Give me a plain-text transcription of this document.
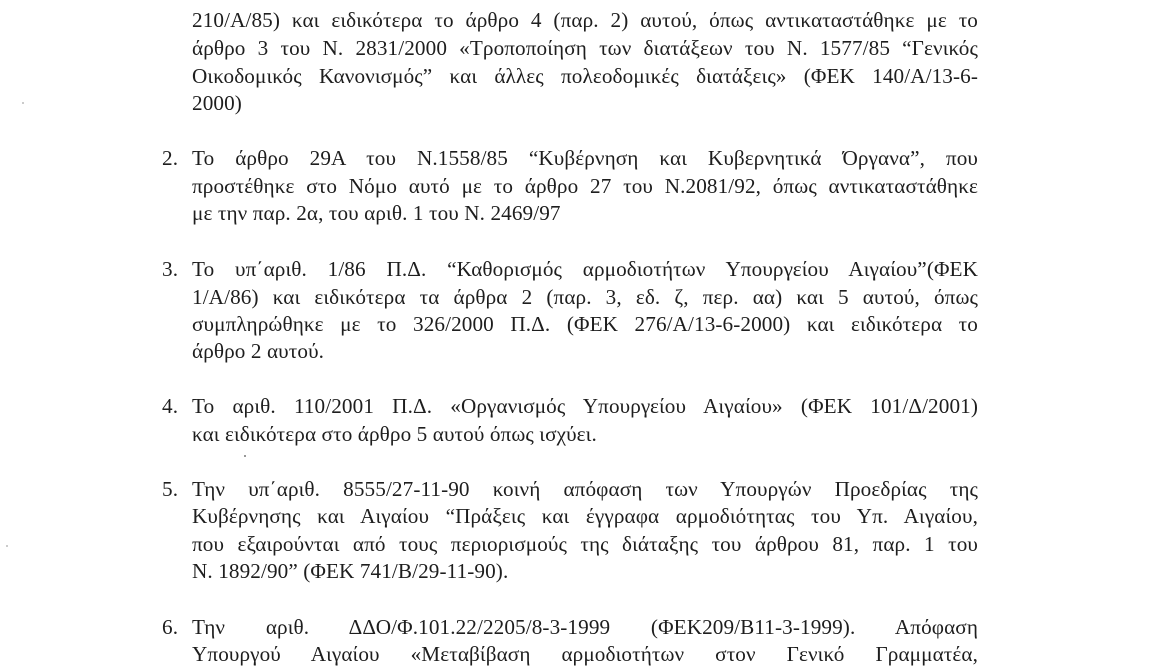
210/Α/85) και ειδικότερα το άρθρο 4 (παρ. 2) αυτού, όπως αντικαταστάθηκε με το
άρθρο 3 του Ν. 2831/2000 «Τροποποίηση των διατάξεων του Ν. 1577/85 “Γενικός
Οικοδομικός Κανονισμός” και άλλες πολεοδομικές διατάξεις» (ΦΕΚ 140/Α/13-6-
2000)
2. Το άρθρο 29Α του Ν.1558/85 “Κυβέρνηση και Κυβερνητικά Όργανα”, που
προστέθηκε στο Νόμο αυτό με το άρθρο 27 του Ν.2081/92, όπως αντικαταστάθηκε
με την παρ. 2α, του αριθ. 1 του Ν. 2469/97
3. Το υπ΄αριθ. 1/86 Π.Δ. “Καθορισμός αρμοδιοτήτων Υπουργείου Αιγαίου”(ΦΕΚ
1/Α/86) και ειδικότερα τα άρθρα 2 (παρ. 3, εδ. ζ, περ. αα) και 5 αυτού, όπως
συμπληρώθηκε με το 326/2000 Π.Δ. (ΦΕΚ 276/Α/13-6-2000) και ειδικότερα το
άρθρο 2 αυτού.
4. Το αριθ. 110/2001 Π.Δ. «Οργανισμός Υπουργείου Αιγαίου» (ΦΕΚ 101/Δ/2001)
και ειδικότερα στο άρθρο 5 αυτού όπως ισχύει.
5. Την υπ΄αριθ. 8555/27-11-90 κοινή απόφαση των Υπουργών Προεδρίας της
Κυβέρνησης και Αιγαίου “Πράξεις και έγγραφα αρμοδιότητας του Υπ. Αιγαίου,
που εξαιρούνται από τους περιορισμούς της διάταξης του άρθρου 81, παρ. 1 του
Ν. 1892/90” (ΦΕΚ 741/Β/29-11-90).
6. Την αριθ. ΔΔΟ/Φ.101.22/2205/8-3-1999 (ΦΕΚ209/Β11-3-1999). Απόφαση
Υπουργού Αιγαίου «Μεταβίβαση αρμοδιοτήτων στον Γενικό Γραμματέα,
